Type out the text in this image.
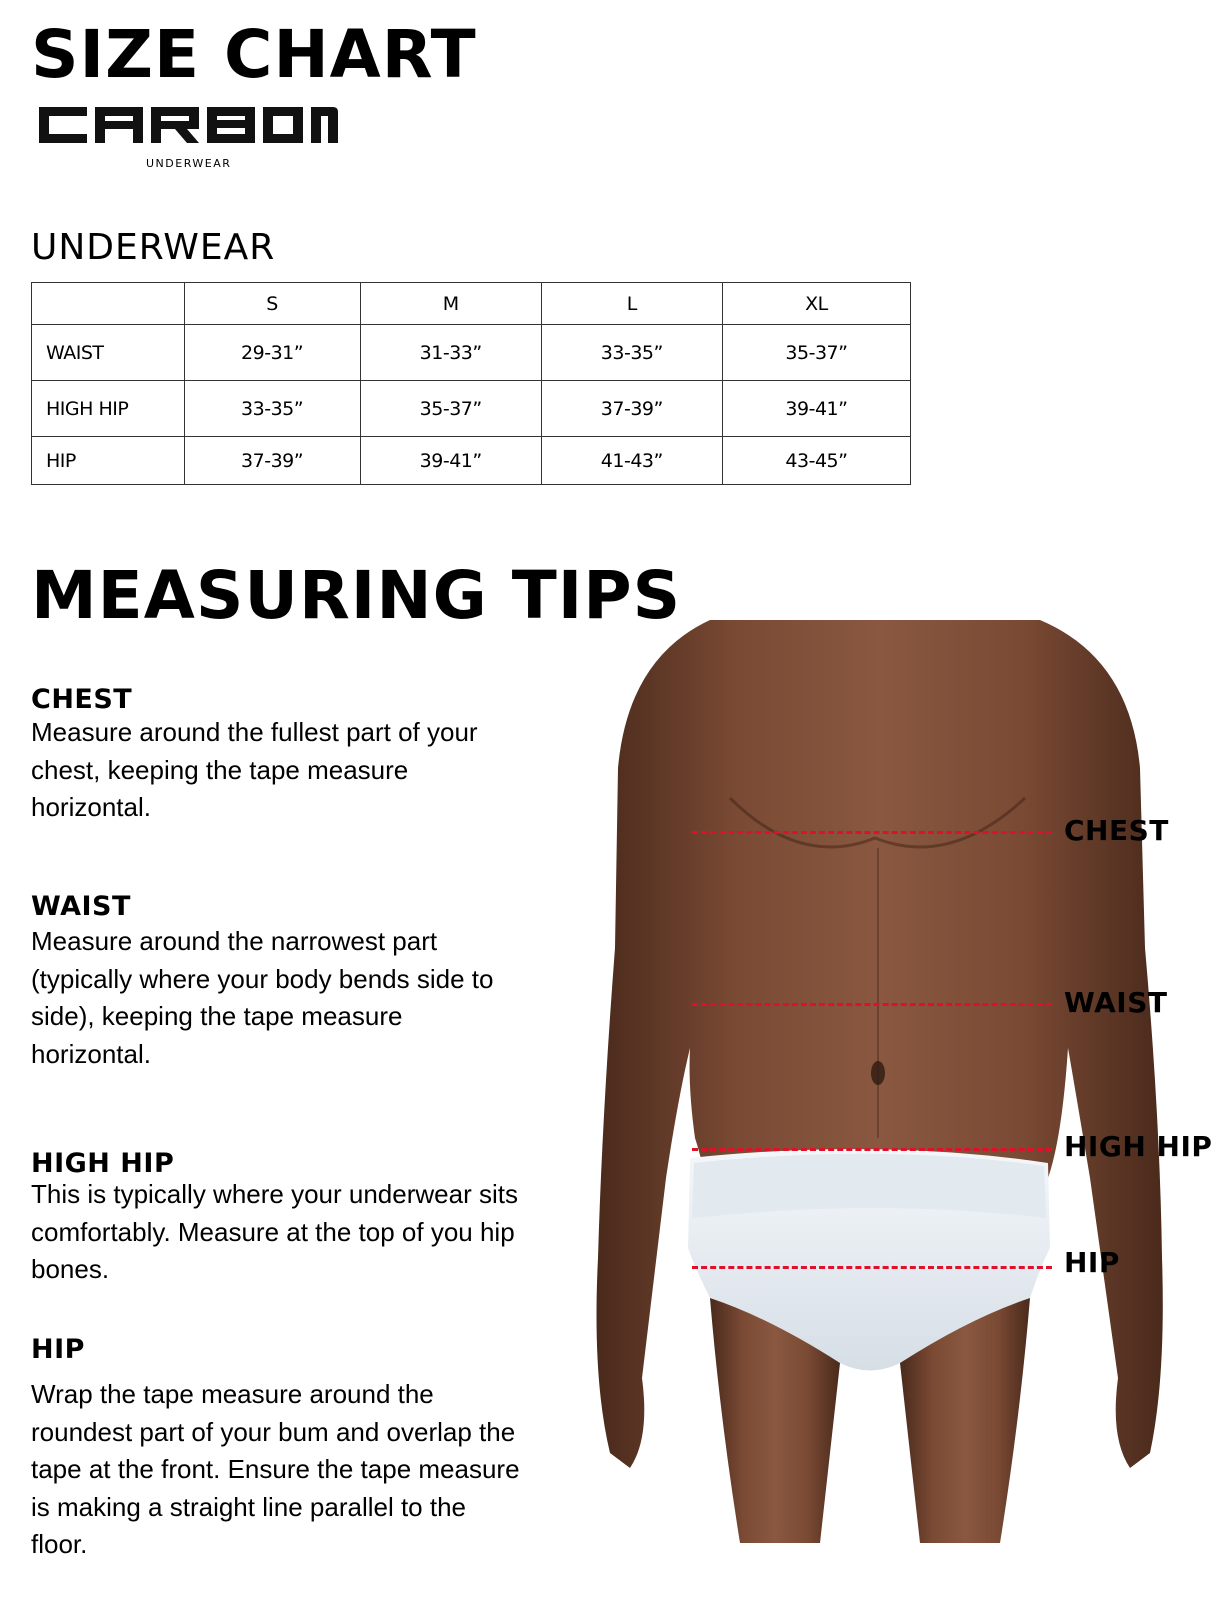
SIZE CHART
UNDERWEAR
UNDERWEAR
	S	M	L	XL
WAIST	29-31”	31-33”	33-35”	35-37”
HIGH HIP	33-35”	35-37”	37-39”	39-41”
HIP	37-39”	39-41”	41-43”	43-45”
MEASURING TIPS
CHEST
Measure around the fullest part of your chest, keeping the tape measure horizontal.
WAIST
Measure around the narrowest part (typically where your body bends side to side), keeping the tape measure horizontal.
HIGH HIP
This is typically where your underwear sits comfortably. Measure at the top of you hip bones.
HIP
Wrap the tape measure around the roundest part of your bum and overlap the tape at the front. Ensure the tape measure is making a straight line parallel to the floor.
CHEST
WAIST
HIGH HIP
HIP
